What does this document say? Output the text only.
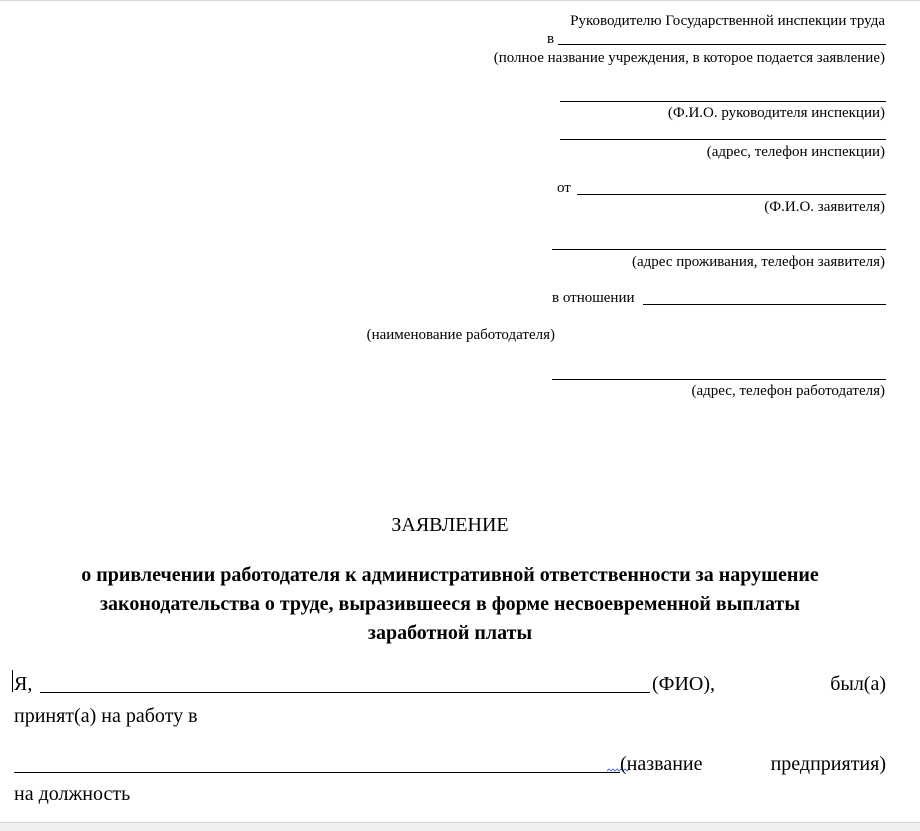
Руководителю Государственной инспекции труда
в
(полное название учреждения, в которое подается заявление)
(Ф.И.О. руководителя инспекции)
(адрес, телефон инспекции)
от
(Ф.И.О. заявителя)
(адрес проживания, телефон заявителя)
в отношении
(наименование работодателя)
(адрес, телефон работодателя)
ЗАЯВЛЕНИЕ
о привлечении работодателя к административной ответственности за нарушение
законодательства о труде, выразившееся в форме несвоевременной выплаты
заработной платы
Я,	(ФИО),	был(а)
принят(а) на работу в
(название	предприятия)
на должность
